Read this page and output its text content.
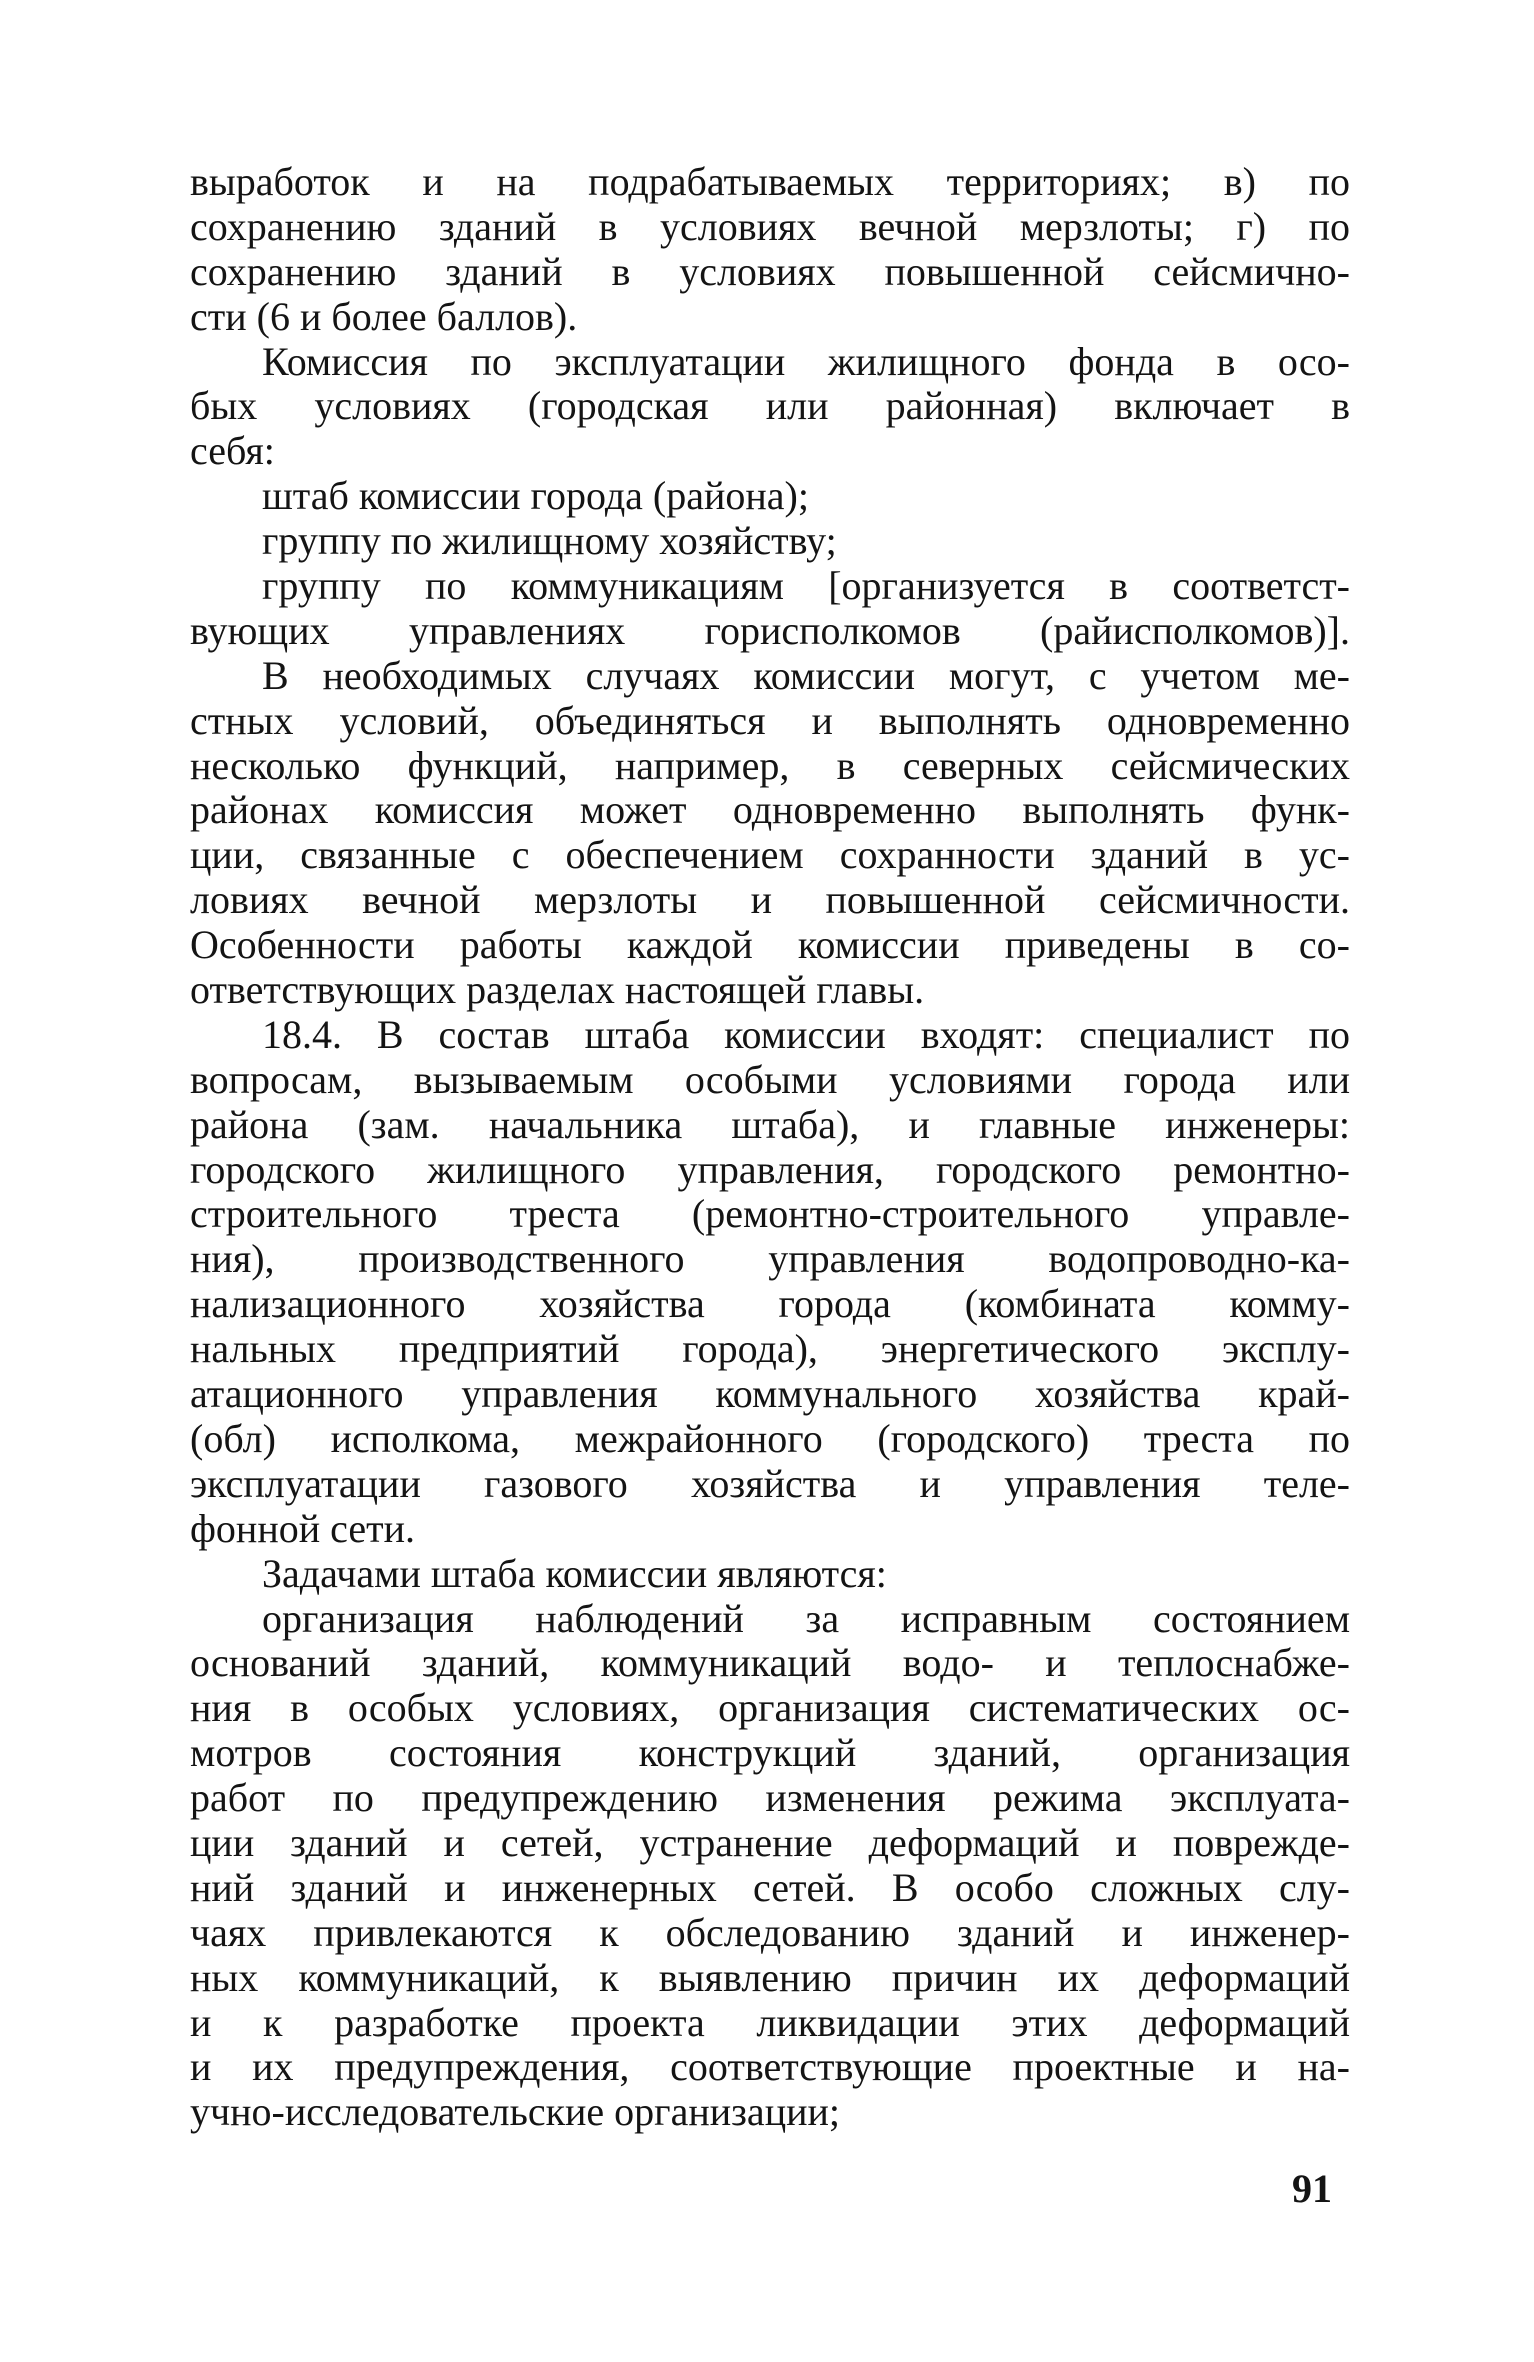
выработок и на подрабатываемых территориях; в) по
сохранению зданий в условиях вечной мерзлоты; г) по
сохранению зданий в условиях повышенной сейсмично-
сти (6 и более баллов).
Комиссия по эксплуатации жилищного фонда в осо-
бых условиях (городская или районная) включает в
себя:
штаб комиссии города (района);
группу по жилищному хозяйству;
группу по коммуникациям [организуется в соответст-
вующих управлениях горисполкомов (райисполкомов)].
В необходимых случаях комиссии могут, с учетом ме-
стных условий, объединяться и выполнять одновременно
несколько функций, например, в северных сейсмических
районах комиссия может одновременно выполнять функ-
ции, связанные с обеспечением сохранности зданий в ус-
ловиях вечной мерзлоты и повышенной сейсмичности.
Особенности работы каждой комиссии приведены в со-
ответствующих разделах настоящей главы.
18.4. В состав штаба комиссии входят: специалист по
вопросам, вызываемым особыми условиями города или
района (зам. начальника штаба), и главные инженеры:
городского жилищного управления, городского ремонтно-
строительного треста (ремонтно-строительного управле-
ния), производственного управления водопроводно-ка-
нализационного хозяйства города (комбината комму-
нальных предприятий города), энергетического эксплу-
атационного управления коммунального хозяйства край-
(обл) исполкома, межрайонного (городского) треста по
эксплуатации газового хозяйства и управления теле-
фонной сети.
Задачами штаба комиссии являются:
организация наблюдений за исправным состоянием
оснований зданий, коммуникаций водо- и теплоснабже-
ния в особых условиях, организация систематических ос-
мотров состояния конструкций зданий, организация
работ по предупреждению изменения режима эксплуата-
ции зданий и сетей, устранение деформаций и поврежде-
ний зданий и инженерных сетей. В особо сложных слу-
чаях привлекаются к обследованию зданий и инженер-
ных коммуникаций, к выявлению причин их деформаций
и к разработке проекта ликвидации этих деформаций
и их предупреждения, соответствующие проектные и на-
учно-исследовательские организации;
91
